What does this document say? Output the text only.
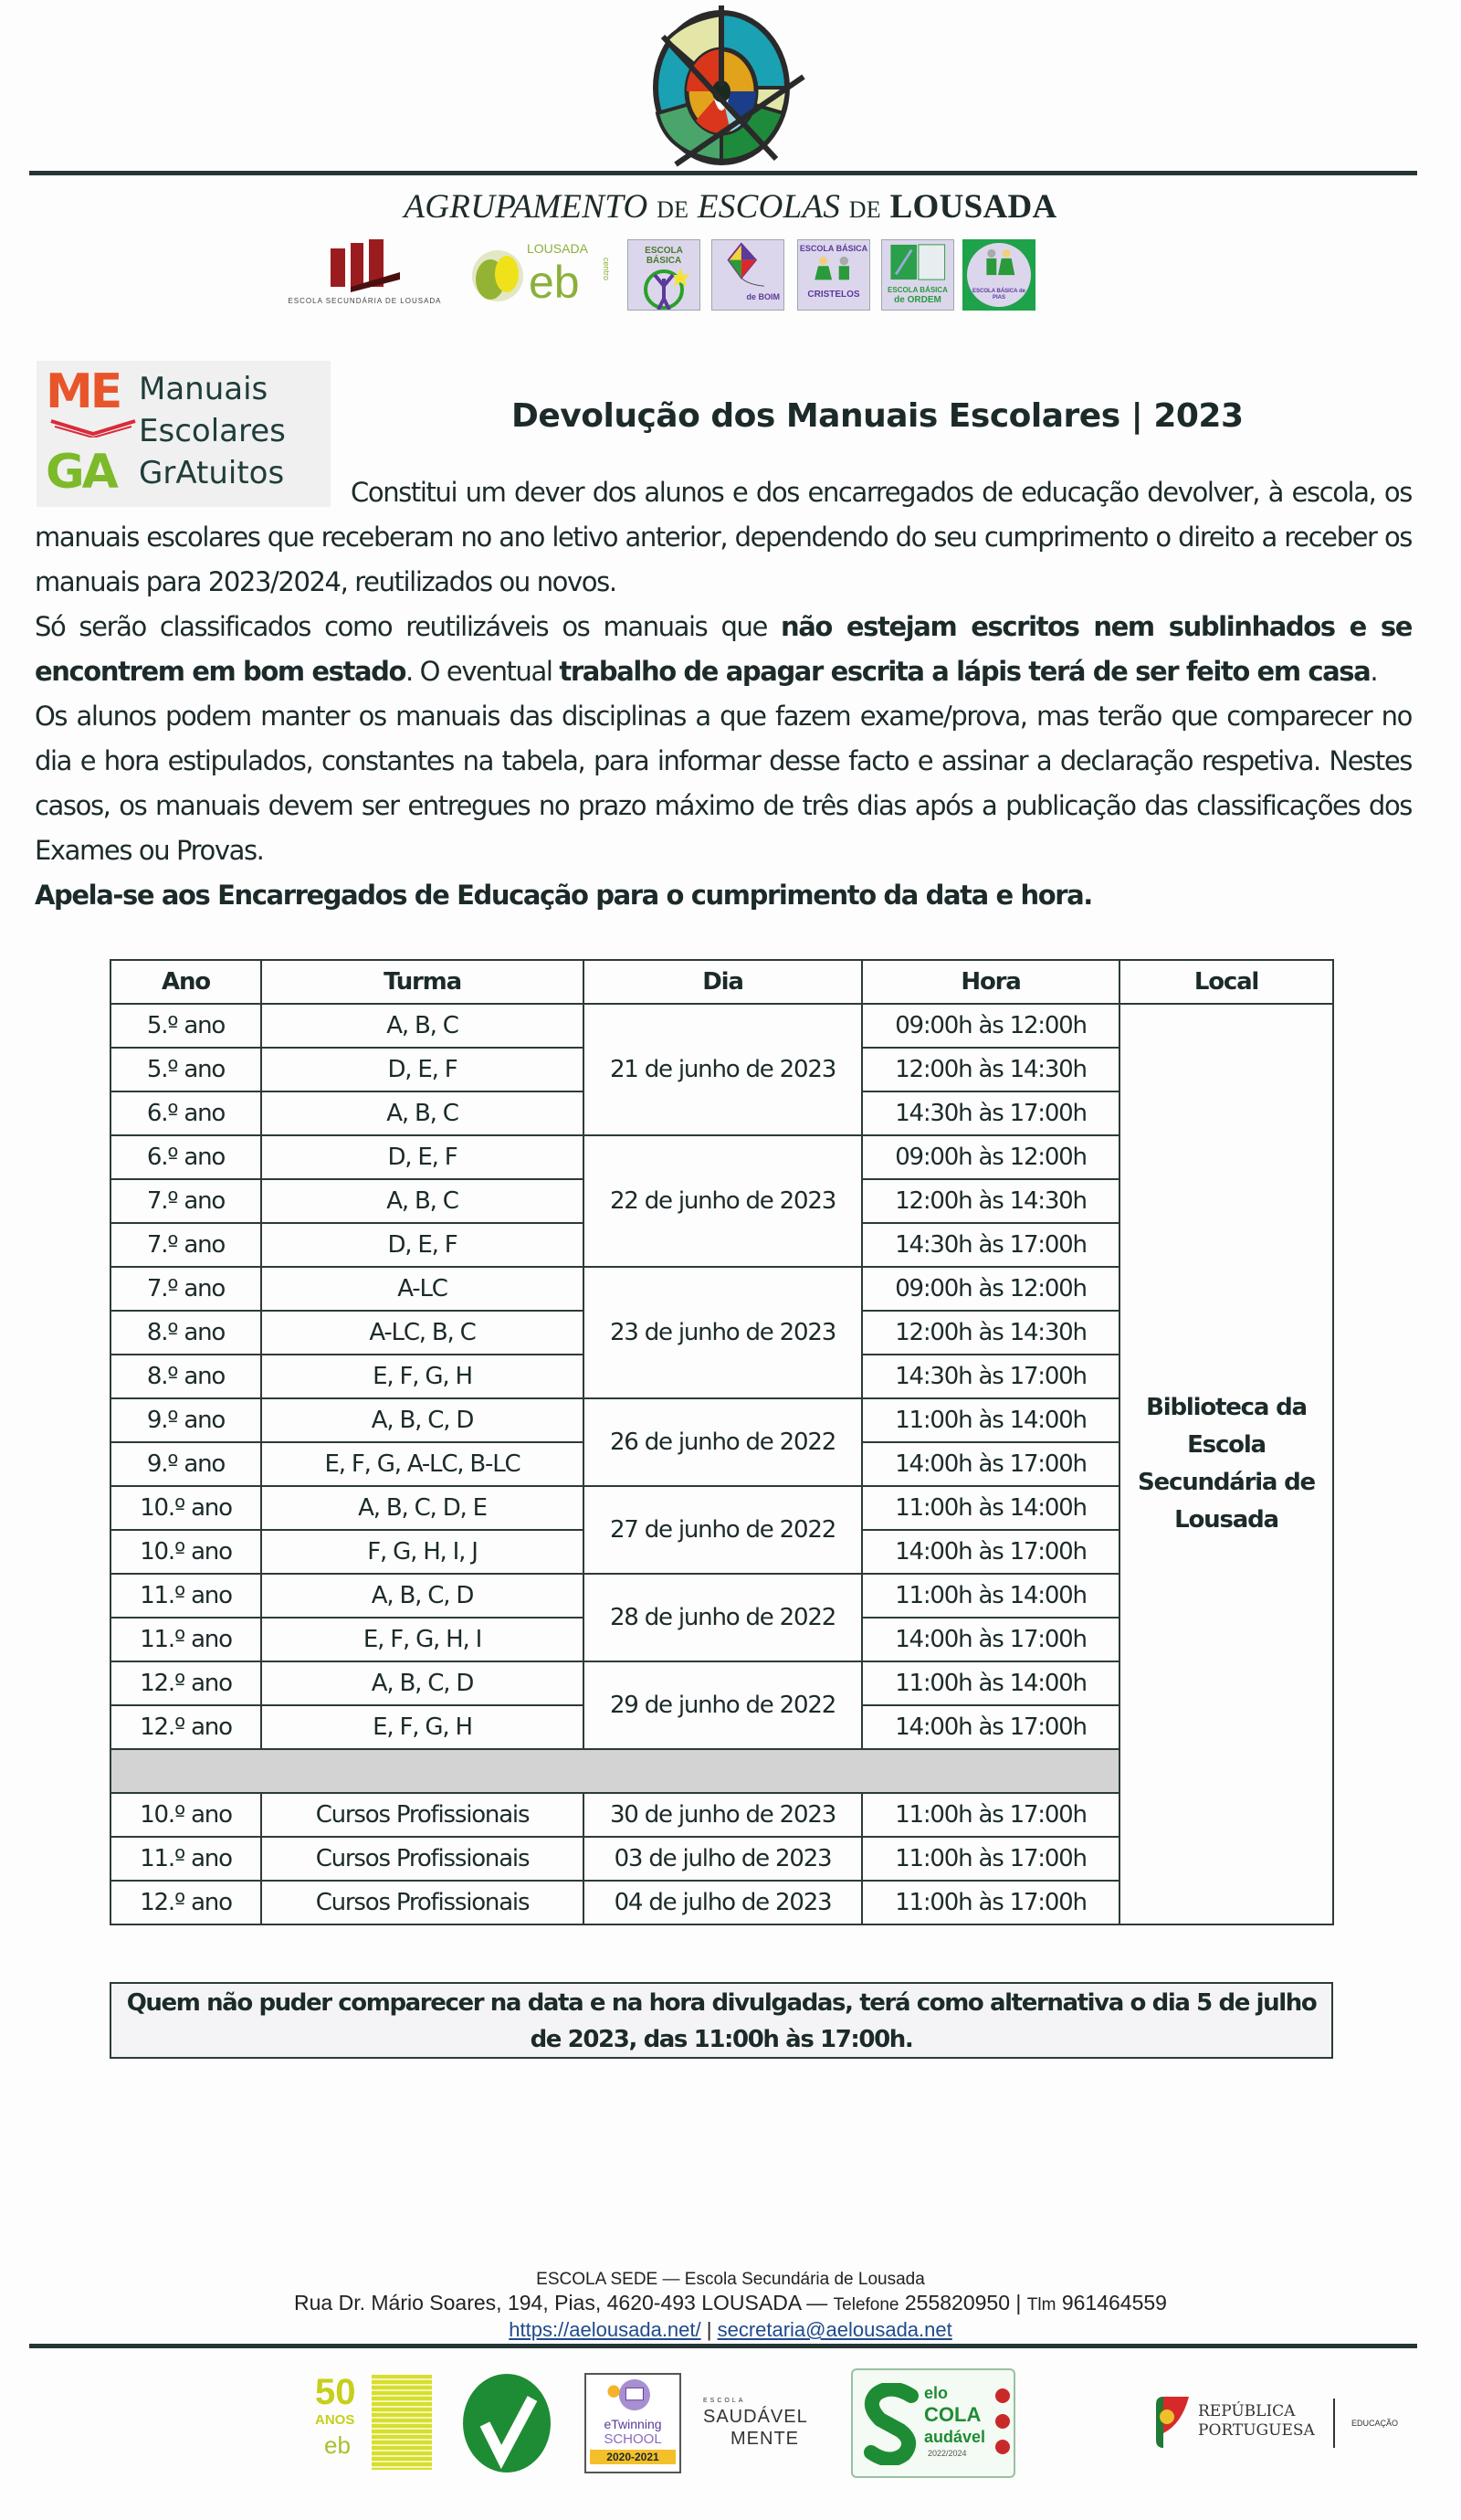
AGRUPAMENTO DE ESCOLAS DE LOUSADA
ESCOLA SECUNDÁRIA DE LOUSADA
LOUSADA
eb	centro
ESCOLA BÁSICA
de BOIM
ESCOLA BÁSICA
CRISTELOS	ESCOLA BÁSICA
de ORDEM
ESCOLA BÁSICA de PIAS
ME
GA
Manuais
Escolares
GrAtuitos
Devolução dos Manuais Escolares | 2023
Constitui um dever dos alunos e dos encarregados de educação devolver, à escola, os manuais escolares que receberam no ano letivo anterior, dependendo do seu cumprimento o direito a receber os manuais para 2023/2024, reutilizados ou novos.
Só serão classificados como reutilizáveis os manuais que não estejam escritos nem sublinhados e se encontrem em bom estado. O eventual trabalho de apagar escrita a lápis terá de ser feito em casa.
Os alunos podem manter os manuais das disciplinas a que fazem exame/prova, mas terão que comparecer no dia e hora estipulados, constantes na tabela, para informar desse facto e assinar a declaração respetiva. Nestes casos, os manuais devem ser entregues no prazo máximo de três dias após a publicação das classificações dos Exames ou Provas.
Apela-se aos Encarregados de Educação para o cumprimento da data e hora.
Ano	Turma	Dia	Hora	Local
5.º ano	A, B, C	21 de junho de 2023	09:00h às 12:00h	Biblioteca da Escola Secundária de Lousada
5.º ano	D, E, F		12:00h às 14:30h	
6.º ano	A, B, C		14:30h às 17:00h	
6.º ano	D, E, F	22 de junho de 2023	09:00h às 12:00h	
7.º ano	A, B, C		12:00h às 14:30h	
7.º ano	D, E, F		14:30h às 17:00h	
7.º ano	A-LC	23 de junho de 2023	09:00h às 12:00h	
8.º ano	A-LC, B, C		12:00h às 14:30h	
8.º ano	E, F, G, H		14:30h às 17:00h	
9.º ano	A, B, C, D	26 de junho de 2022	11:00h às 14:00h	
9.º ano	E, F, G, A-LC, B-LC		14:00h às 17:00h	
10.º ano	A, B, C, D, E	27 de junho de 2022	11:00h às 14:00h	
10.º ano	F, G, H, I, J		14:00h às 17:00h	
11.º ano	A, B, C, D	28 de junho de 2022	11:00h às 14:00h	
11.º ano	E, F, G, H, I		14:00h às 17:00h	
12.º ano	A, B, C, D	29 de junho de 2022	11:00h às 14:00h	
12.º ano	E, F, G, H		14:00h às 17:00h	

10.º ano	Cursos Profissionais	30 de junho de 2023	11:00h às 17:00h	
11.º ano	Cursos Profissionais	03 de julho de 2023	11:00h às 17:00h	
12.º ano	Cursos Profissionais	04 de julho de 2023	11:00h às 17:00h	
Quem não puder comparecer na data e na hora divulgadas, terá como alternativa o dia 5 de julho de 2023, das 11:00h às 17:00h.
ESCOLA SEDE — Escola Secundária de Lousada
Rua Dr. Mário Soares, 194, Pias, 4620-493 LOUSADA — Telefone 255820950 | Tlm 961464559
https://aelousada.net/ | secretaria@aelousada.net
50
ANOS
eb
eTwinning
SCHOOL
2020-2021
ESCOLA
SAUDÁVEL
MENTE
elo
COLA
audável
2022/2024
REPÚBLICA
PORTUGUESA	EDUCAÇÃO
